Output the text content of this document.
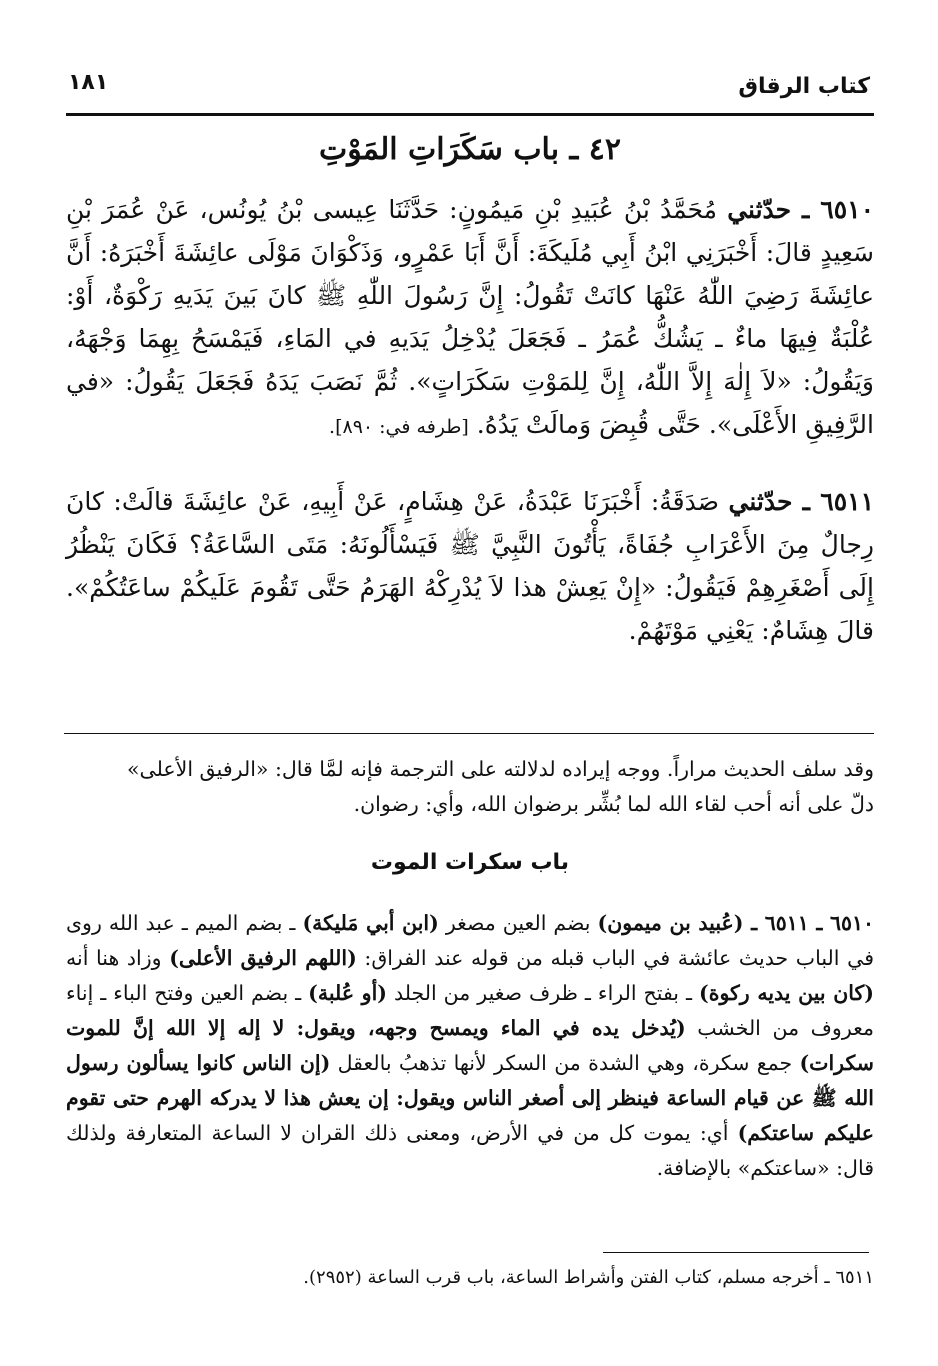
كتاب الرقاق
١٨١
٤٢ ـ باب سَكَرَاتِ المَوْتِ

٦٥١٠ ـ حدّثني مُحَمَّدُ بْنُ عُبَيدِ بْنِ مَيمُونٍ: حَدَّثَنَا عِيسى بْنُ يُونُس، عَنْ عُمَرَ بْنِ سَعِيدٍ قالَ: أَخْبَرَنِي ابْنُ أَبِي مُلَيكَةَ: أَنَّ أَبَا عَمْرٍو، وَذَكْوَانَ مَوْلَى عائِشَةَ أَخْبَرَهُ: أَنَّ عائِشَةَ رَضِيَ اللّٰهُ عَنْهَا كانَتْ تَقُولُ: إِنَّ رَسُولَ اللّٰهِ ﷺ كانَ بَينَ يَدَيهِ رَكْوَةٌ، أَوْ: عُلْبَةٌ فِيهَا ماءٌ ـ يَشُكُّ عُمَرُ ـ فَجَعَلَ يُدْخِلُ يَدَيهِ في المَاءِ، فَيَمْسَحُ بِهِمَا وَجْهَهُ، وَيَقُولُ: «لاَ إِلٰهَ إِلاَّ اللّٰهُ، إِنَّ لِلمَوْتِ سَكَرَاتٍ». ثُمَّ نَصَبَ يَدَهُ فَجَعَلَ يَقُولُ: «في الرَّفِيقِ الأَعْلَى». حَتَّى قُبِضَ وَمالَتْ يَدُهُ. [طرفه في: ٨٩٠].

٦٥١١ ـ حدّثني صَدَقَةُ: أَخْبَرَنَا عَبْدَةُ، عَنْ هِشَامٍ، عَنْ أَبِيهِ، عَنْ عائِشَةَ قالَتْ: كانَ رِجالٌ مِنَ الأَعْرَابِ جُفَاةً، يَأْتُونَ النَّبِيَّ ﷺ فَيَسْأَلُونَهُ: مَتَى السَّاعَةُ؟ فَكَانَ يَنْظُرُ إِلَى أَصْغَرِهِمْ فَيَقُولُ: «إِنْ يَعِشْ هذا لاَ يُدْرِكْهُ الهَرَمُ حَتَّى تَقُومَ عَلَيكُمْ ساعَتُكُمْ». قالَ هِشَامٌ: يَعْنِي مَوْتَهُمْ.

وقد سلف الحديث مراراً. ووجه إيراده لدلالته على الترجمة فإنه لمَّا قال: «الرفيق الأعلى»

دلّ على أنه أحب لقاء الله لما بُشِّر برضوان الله، وأي: رضوان.

باب سكرات الموت

٦٥١٠ ـ ٦٥١١ ـ (عُبيد بن ميمون) بضم العين مصغر (ابن أبي مَليكة) ـ بضم الميم ـ عبد الله روى في الباب حديث عائشة في الباب قبله من قوله عند الفراق: (اللهم الرفيق الأعلى) وزاد هنا أنه (كان بين يديه ركوة) ـ بفتح الراء ـ ظرف صغير من الجلد (أو عُلبة) ـ بضم العين وفتح الباء ـ إناء معروف من الخشب (يُدخل يده في الماء ويمسح وجهه، ويقول: لا إله إلا الله إنَّ للموت سكرات) جمع سكرة، وهي الشدة من السكر لأنها تذهبُ بالعقل (إن الناس كانوا يسألون رسول الله ﷺ عن قيام الساعة فينظر إلى أصغر الناس ويقول: إن يعش هذا لا يدركه الهرم حتى تقوم عليكم ساعتكم) أي: يموت كل من في الأرض، ومعنى ذلك القران لا الساعة المتعارفة ولذلك قال: «ساعتكم» بالإضافة.

٦٥١١ ـ أخرجه مسلم، كتاب الفتن وأشراط الساعة، باب قرب الساعة (٢٩٥٢).
